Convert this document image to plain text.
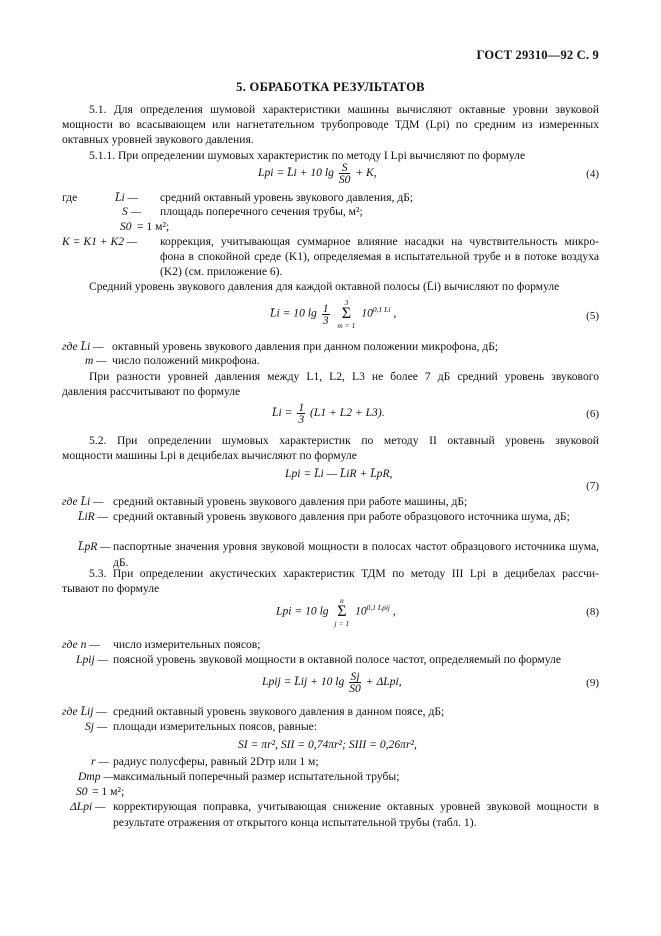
ГОСТ 29310—92 С. 9
5. ОБРАБОТКА РЕЗУЛЬТАТОВ
5.1. Для определения шумовой характеристики машины вычисляют октавные уровни звуковой
мощности во всасывающем или нагнетательном трубопроводе ТДМ (Lpi) по средним из измеренных
октавных уровней звукового давления.
5.1.1. При определении шумовых характеристик по методу I Lpi вычисляют по формуле
Lpi = L̄i + 10 $\lg \frac{S}{S0} + K$,	(4)
где	L̄i — средний октавный уровень звукового давления, дБ;
S — площадь поперечного сечения трубы, м²;
S0 = 1 м²;
K = K1 + K2 — коррекция, учитывающая суммарное влияние насадки на чувствительность микро-
фона в спокойной среде (K1), определяемая в испытательной трубе и в потоке воздуха
(K2) (см. приложение 6).
Средний уровень звукового давления для каждой октавной полосы (L̄i) вычисляют по формуле
L̄i = 10 $\lg \frac{1}{3}$
	3
Σ
m = 1
$10^{0,1 Li}$ ,	(5)
где L̄i — октавный уровень звукового давления при данном положении микрофона, дБ;
m — число положений микрофона.
При разности уровней давления между L1, L2, L3 не более 7 дБ средний уровень звукового
давления рассчитывают по формуле
L̄i = $\frac{1}{3} (L1 + L2 + L3)$.	(6)
5.2. При определении шумовых характеристик по методу II октавный уровень звуковой
мощности машины Lpi в децибелах вычисляют по формуле
Lpi = L̄i — L̄iR + L̄pR,
(7)
где L̄i — средний октавный уровень звукового давления при работе машины, дБ;
L̄iR — средний октавный уровень звукового давления при работе образцового источника шума, дБ;
L̄pR — паспортные значения уровня звуковой мощности в полосах частот образцового источника шума, дБ.
5.3. При определении акустических характеристик ТДМ по методу III Lpi в децибелах рассчи-
тывают по формуле
Lpi = 10 lg
n
Σ
j = 1
$10^{0,1 Lpij}$ ,	(8)
где n — число измерительных поясов;
Lpij — поясной уровень звуковой мощности в октавной полосе частот, определяемый по формуле
Lpij = L̄ij + 10 $\lg \frac{Sj}{S0} + \Delta Lpi$,	(9)
где L̄ij — средний октавный уровень звукового давления в данном поясе, дБ;
Sj — площади измерительных поясов, равные:
SI = πr², SII = 0,74πr²; SIII = 0,26πr²,
r — радиус полусферы, равный 2Dтр или 1 м;
Dтр — максимальный поперечный размер испытательной трубы;
S0 = 1 м²;
ΔLpi — корректирующая поправка, учитывающая снижение октавных уровней звуковой мощности в результате отражения от открытого конца испытательной трубы (табл. 1).
